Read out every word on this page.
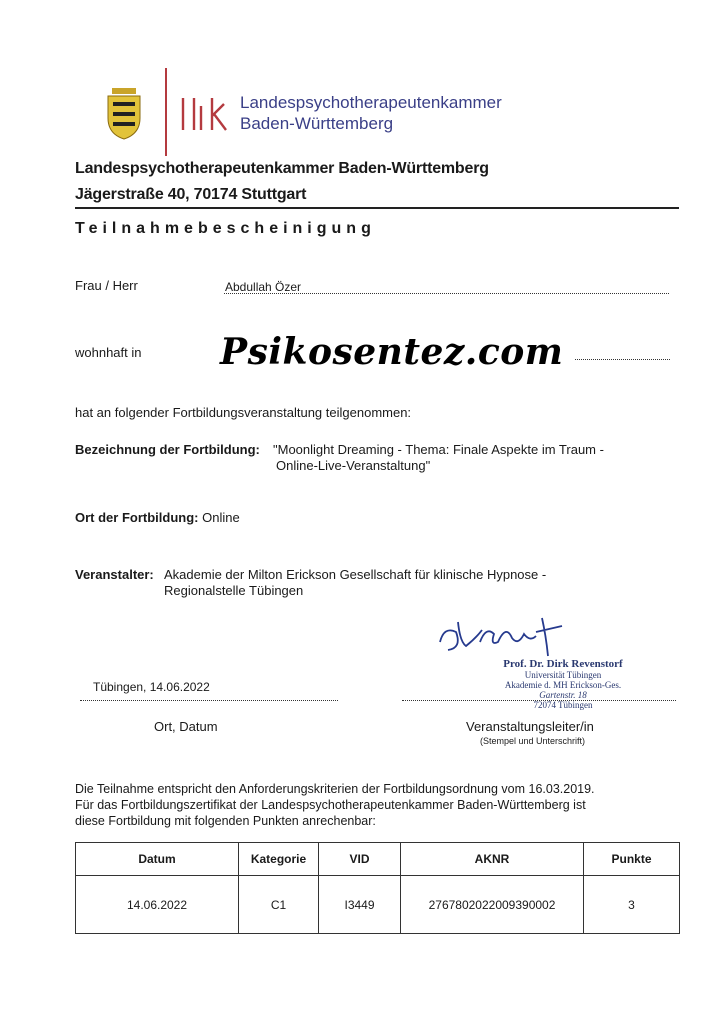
Landespsychotherapeutenkammer
Baden-Württemberg
Landespsychotherapeutenkammer Baden-Württemberg
Jägerstraße 40, 70174 Stuttgart
Teilnahmebescheinigung
Frau / Herr	Abdullah Özer
wohnhaft in Psikosentez.com
hat an folgender Fortbildungsveranstaltung teilgenommen:
Bezeichnung der Fortbildung: "Moonlight Dreaming - Thema: Finale Aspekte im Traum -
Online-Live-Veranstaltung"
Ort der Fortbildung: Online
Veranstalter: Akademie der Milton Erickson Gesellschaft für klinische Hypnose -
Regionalstelle Tübingen
Prof. Dr. Dirk Revenstorf
Universität Tübingen
Akademie d. MH Erickson-Ges.
Gartenstr. 18
72074 Tübingen
Tübingen, 14.06.2022
Ort, Datum	Veranstaltungsleiter/in
(Stempel und Unterschrift)
Die Teilnahme entspricht den Anforderungskriterien der Fortbildungsordnung vom 16.03.2019.
Für das Fortbildungszertifikat der Landespsychotherapeutenkammer Baden-Württemberg ist
diese Fortbildung mit folgenden Punkten anrechenbar:
Datum	Kategorie	VID	AKNR	Punkte
14.06.2022	C1	I3449	2767802022009390002	3
